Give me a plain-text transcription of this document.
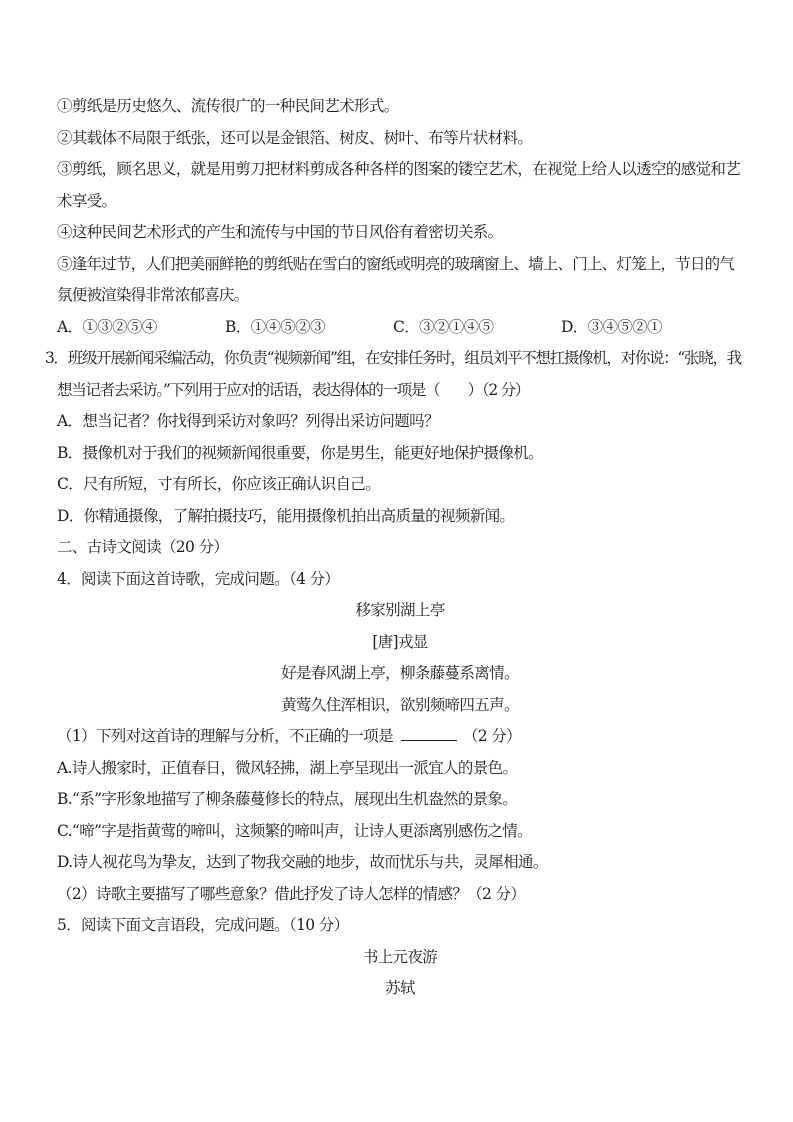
①剪纸是历史悠久、流传很广的一种民间艺术形式。

②其载体不局限于纸张，还可以是金银箔、树皮、树叶、布等片状材料。

③剪纸，顾名思义，就是用剪刀把材料剪成各种各样的图案的镂空艺术，在视觉上给人以透空的感觉和艺术享受。

④这种民间艺术形式的产生和流传与中国的节日风俗有着密切关系。

⑤逢年过节，人们把美丽鲜艳的剪纸贴在雪白的窗纸或明亮的玻璃窗上、墙上、门上、灯笼上，节日的气氛便被渲染得非常浓郁喜庆。

A．①③②⑤④	B．①④⑤②③	C．③②①④⑤	D．③④⑤②①

3．班级开展新闻采编活动，你负责“视频新闻”组，在安排任务时，组员刘平不想扛摄像机，对你说：“张晓，我想当记者去采访。”下列用于应对的话语，表达得体的一项是（　　）（2 分）

A．想当记者？你找得到采访对象吗？列得出采访问题吗？

B．摄像机对于我们的视频新闻很重要，你是男生，能更好地保护摄像机。

C．尺有所短，寸有所长，你应该正确认识自己。

D．你精通摄像，了解拍摄技巧，能用摄像机拍出高质量的视频新闻。

二、古诗文阅读（20 分）

4．阅读下面这首诗歌，完成问题。（4 分）

移家别湖上亭

[唐]戎显

好是春风湖上亭，柳条藤蔓系离情。

黄莺久住浑相识，欲别频啼四五声。

（1）下列对这首诗的理解与分析，不正确的一项是	（2 分）

A.诗人搬家时，正值春日，微风轻拂，湖上亭呈现出一派宜人的景色。

B.“系”字形象地描写了柳条藤蔓修长的特点，展现出生机盎然的景象。

C.“啼”字是指黄莺的啼叫，这频繁的啼叫声，让诗人更添离别感伤之情。

D.诗人视花鸟为挚友，达到了物我交融的地步，故而忧乐与共，灵犀相通。

（2）诗歌主要描写了哪些意象？借此抒发了诗人怎样的情感？（2 分）

5．阅读下面文言语段，完成问题。（10 分）

书上元夜游

苏轼
